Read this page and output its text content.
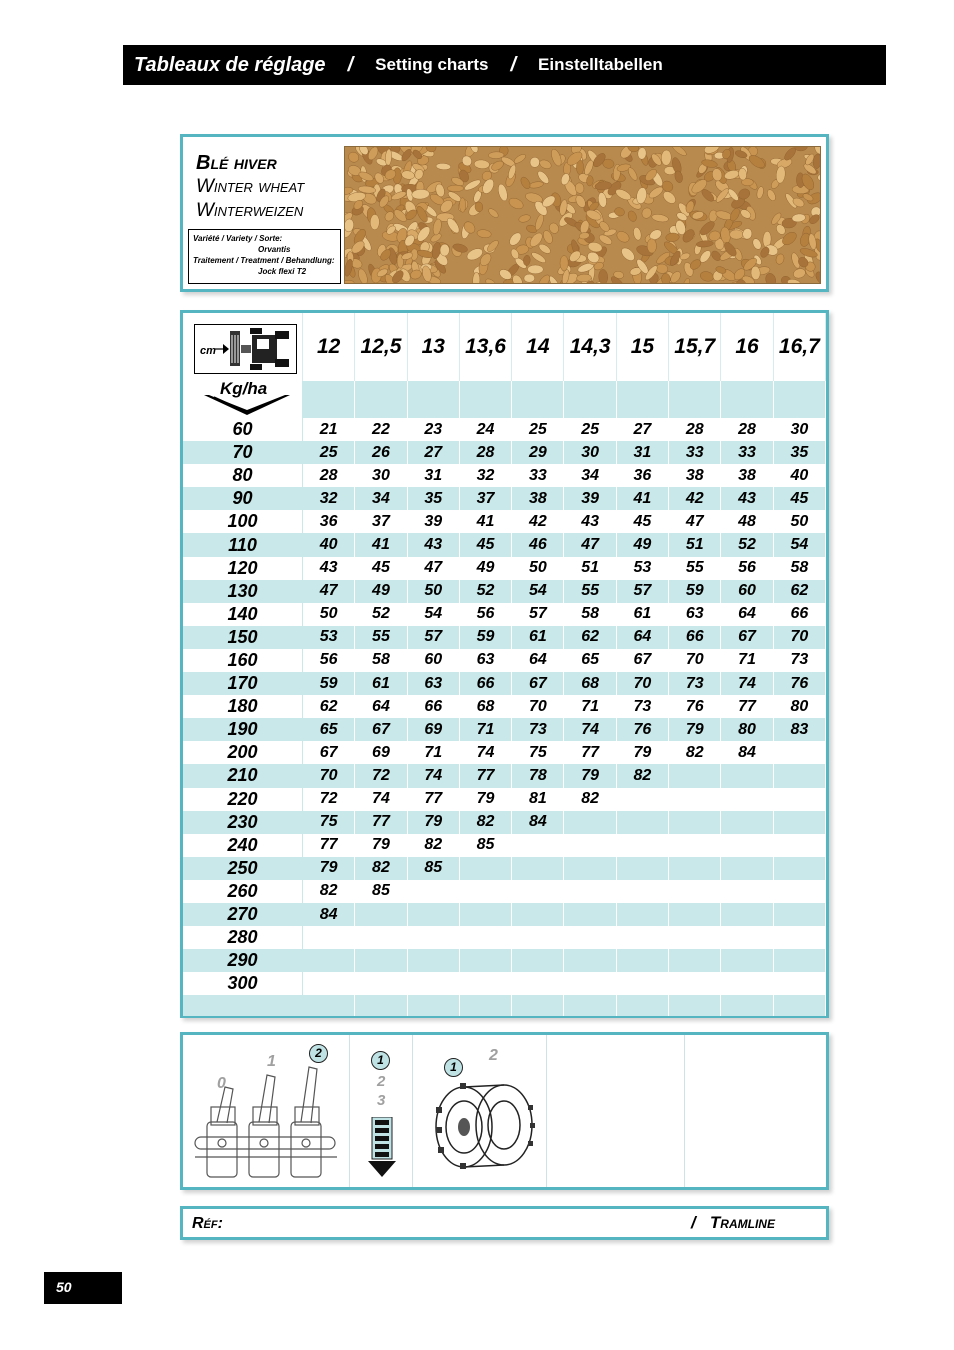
Tableaux de réglage / Setting charts / Einstelltabellen
Blé hiver
Winter wheat
Winterweizen
Variété / Variety / Sorte:
Orvantis
Traitement / Treatment / Behandlung:
Jock flexi T2
	12	12,5	13	13,6	14	14,3	15	15,7	16	16,7

60	21	22	23	24	25	25	27	28	28	30
70	25	26	27	28	29	30	31	33	33	35
80	28	30	31	32	33	34	36	38	38	40
90	32	34	35	37	38	39	41	42	43	45
100	36	37	39	41	42	43	45	47	48	50
110	40	41	43	45	46	47	49	51	52	54
120	43	45	47	49	50	51	53	55	56	58
130	47	49	50	52	54	55	57	59	60	62
140	50	52	54	56	57	58	61	63	64	66
150	53	55	57	59	61	62	64	66	67	70
160	56	58	60	63	64	65	67	70	71	73
170	59	61	63	66	67	68	70	73	74	76
180	62	64	66	68	70	71	73	76	77	80
190	65	67	69	71	73	74	76	79	80	83
200	67	69	71	74	75	77	79	82	84	
210	70	72	74	77	78	79	82			
220	72	74	77	79	81	82				
230	75	77	79	82	84					
240	77	79	82	85						
250	79	82	85							
260	82	85								
270	84									
280										
290										
300										

cm
Kg/ha
0
1	2	1
2
3
1
2
Réf:	/ Tramline
50
